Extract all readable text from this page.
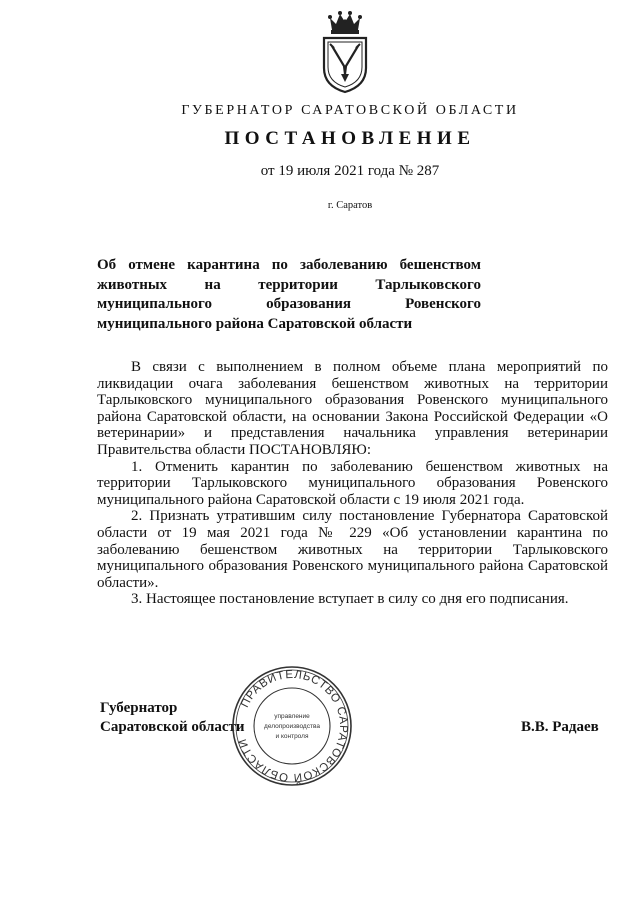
ГУБЕРНАТОР САРАТОВСКОЙ ОБЛАСТИ
ПОСТАНОВЛЕНИЕ
от 19 июля 2021 года № 287
г. Саратов
Об отмене карантина по заболеванию бешенством животных на территории Тарлыковского муниципального образования Ровенского муниципального района Саратовской области

В связи с выполнением в полном объеме плана мероприятий по ликвидации очага заболевания бешенством животных на территории Тарлыковского муниципального образования Ровенского муниципального района Саратовской области, на основании Закона Российской Федерации «О ветеринарии» и представления начальника управления ветеринарии Правительства области ПОСТАНОВЛЯЮ:

1. Отменить карантин по заболеванию бешенством животных на территории Тарлыковского муниципального образования Ровенского муниципального района Саратовской области с 19 июля 2021 года.

2. Признать утратившим силу постановление Губернатора Саратовской области от 19 мая 2021 года № 229 «Об установлении карантина по заболеванию бешенством животных на территории Тарлыковского муниципального образования Ровенского муниципального района Саратовской области».

3. Настоящее постановление вступает в силу со дня его подписания.

Губернатор
Саратовской области
ПРАВИТЕЛЬСТВО САРАТОВСКОЙ ОБЛАСТИ
управление
делопроизводства
и контроля
В.В. Радаев
